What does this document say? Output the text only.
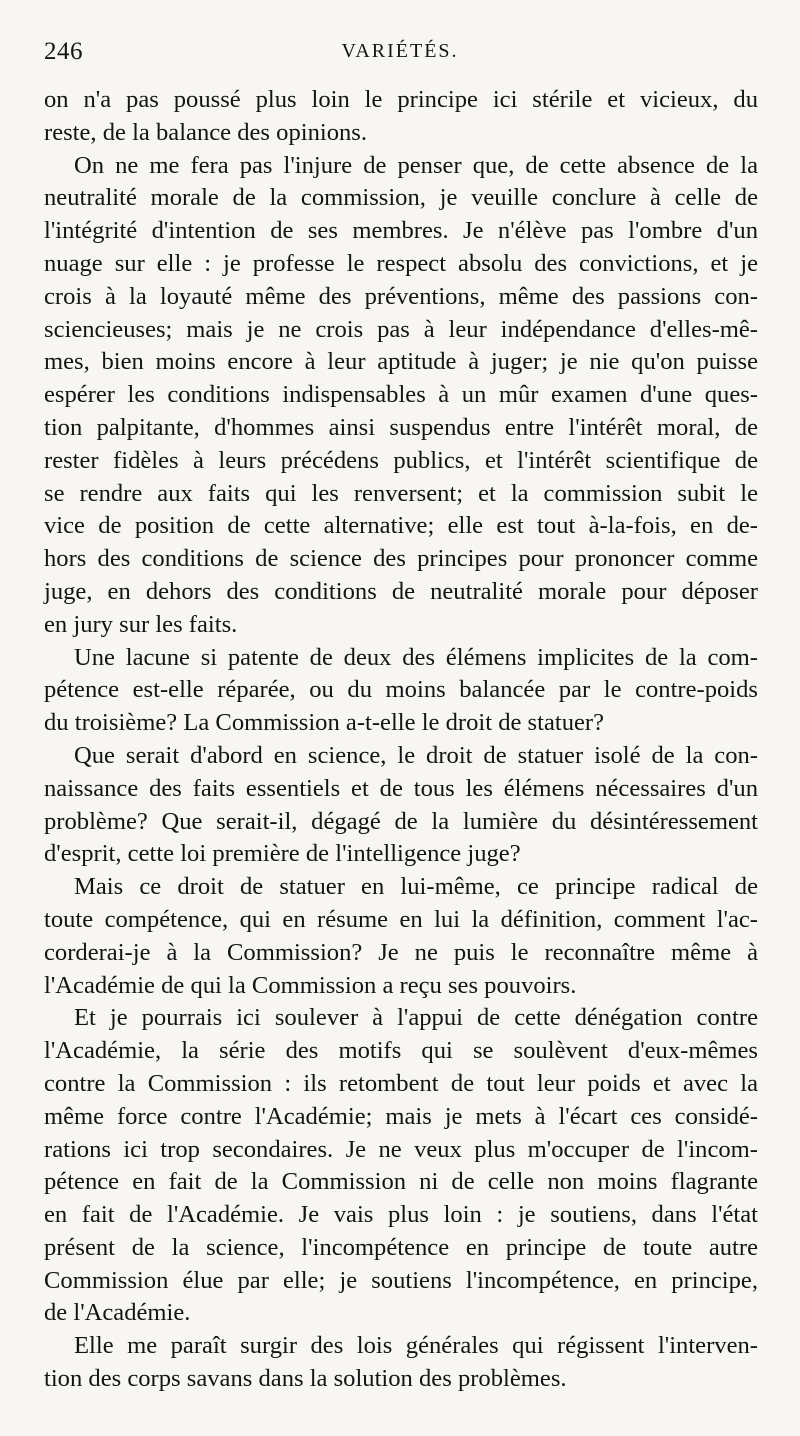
246	VARIÉTÉS.
on n'a pas poussé plus loin le principe ici stérile et vicieux, du
reste, de la balance des opinions.
On ne me fera pas l'injure de penser que, de cette absence de la
neutralité morale de la commission, je veuille conclure à celle de
l'intégrité d'intention de ses membres. Je n'élève pas l'ombre d'un
nuage sur elle : je professe le respect absolu des convictions, et je
crois à la loyauté même des préventions, même des passions con-
sciencieuses; mais je ne crois pas à leur indépendance d'elles-mê-
mes, bien moins encore à leur aptitude à juger; je nie qu'on puisse
espérer les conditions indispensables à un mûr examen d'une ques-
tion palpitante, d'hommes ainsi suspendus entre l'intérêt moral, de
rester fidèles à leurs précédens publics, et l'intérêt scientifique de
se rendre aux faits qui les renversent; et la commission subit le
vice de position de cette alternative; elle est tout à-la-fois, en de-
hors des conditions de science des principes pour prononcer comme
juge, en dehors des conditions de neutralité morale pour déposer
en jury sur les faits.
Une lacune si patente de deux des élémens implicites de la com-
pétence est-elle réparée, ou du moins balancée par le contre-poids
du troisième? La Commission a-t-elle le droit de statuer?
Que serait d'abord en science, le droit de statuer isolé de la con-
naissance des faits essentiels et de tous les élémens nécessaires d'un
problème? Que serait-il, dégagé de la lumière du désintéressement
d'esprit, cette loi première de l'intelligence juge?
Mais ce droit de statuer en lui-même, ce principe radical de
toute compétence, qui en résume en lui la définition, comment l'ac-
corderai-je à la Commission? Je ne puis le reconnaître même à
l'Académie de qui la Commission a reçu ses pouvoirs.
Et je pourrais ici soulever à l'appui de cette dénégation contre
l'Académie, la série des motifs qui se soulèvent d'eux-mêmes
contre la Commission : ils retombent de tout leur poids et avec la
même force contre l'Académie; mais je mets à l'écart ces considé-
rations ici trop secondaires. Je ne veux plus m'occuper de l'incom-
pétence en fait de la Commission ni de celle non moins flagrante
en fait de l'Académie. Je vais plus loin : je soutiens, dans l'état
présent de la science, l'incompétence en principe de toute autre
Commission élue par elle; je soutiens l'incompétence, en principe,
de l'Académie.
Elle me paraît surgir des lois générales qui régissent l'interven-
tion des corps savans dans la solution des problèmes.
